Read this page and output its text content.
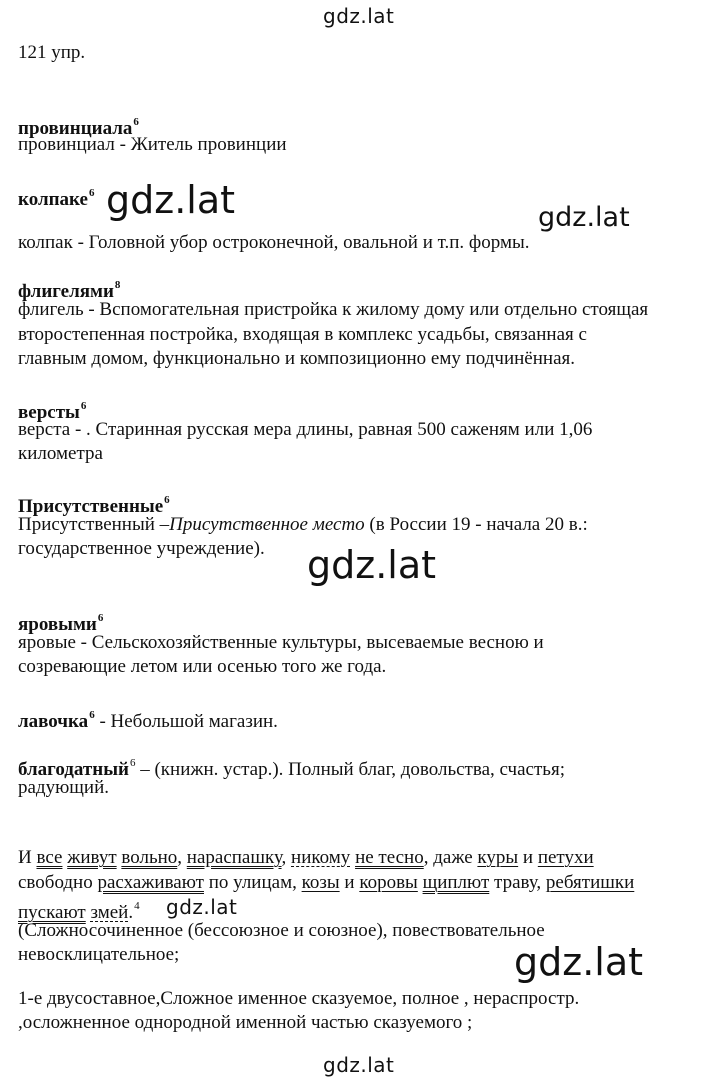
gdz.lat
gdz.lat	gdz.lat
gdz.lat
gdz.lat
gdz.lat
gdz.lat
121 упр.
провинциала$^6$
провинциал - Житель провинции
колпаке$^6$
колпак - Головной убор остроконечной, овальной и т.п. формы.
флигелями$^8$
флигель - Вспомогательная пристройка к жилому дому или отдельно стоящая
второстепенная постройка, входящая в комплекс усадьбы, связанная с
главным домом, функционально и композиционно ему подчинённая.
версты$^6$
верста - . Старинная русская мера длины, равная 500 саженям или 1,06
километра
Присутственные$^6$
Присутственный –Присутственное место (в России 19 - начала 20 в.:
государственное учреждение).
яровыми$^6$
яровые - Сельскохозяйственные культуры, высеваемые весною и
созревающие летом или осенью того же года.
лавочка$^6$ - Небольшой магазин.
благодатный$^6$ – (книжн. устар.). Полный благ, довольства, счастья;
радующий.
И все живут вольно, нараспашку, никому не тесно, даже куры и петухи
свободно расхаживают по улицам, козы и коровы щиплют траву, ребятишки
пускают змей.$^4$
(Сложносочиненное (бессоюзное и союзное), повествовательное
невосклицательное;
1-е двусоставное,Сложное именное сказуемое, полное , нераспростр.
,осложненное однородной именной частью сказуемого ;
